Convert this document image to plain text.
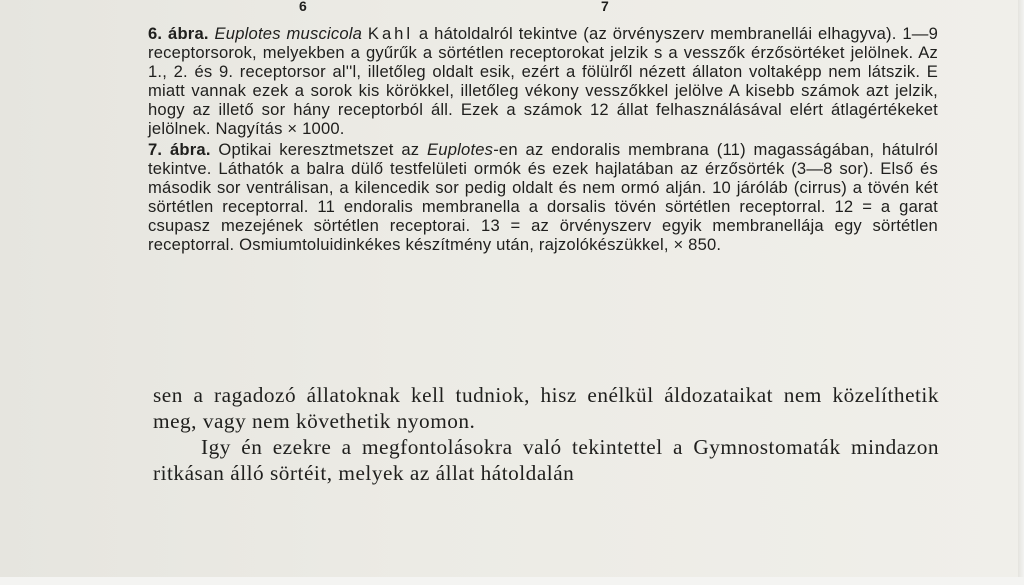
6	7

6. ábra. Euplotes muscicola Kahl a hátoldalról tekintve (az örvényszerv membranellái elhagyva). 1—9 receptorsorok, melyekben a gyűrűk a sörtétlen receptorokat jelzik s a vesszők érzősörtéket jelölnek. Az 1., 2. és 9. receptorsor al''l, illetőleg oldalt esik, ezért a fölülről nézett állaton voltaképp nem látszik. E miatt vannak ezek a sorok kis körökkel, illetőleg vékony vesszőkkel jelölve A kisebb számok azt jelzik, hogy az illető sor hány receptorból áll. Ezek a számok 12 állat felhasználásával elért átlagértékeket jelölnek. Nagyítás × 1000.

7. ábra. Optikai keresztmetszet az Euplotes-en az endoralis membrana (11) magasságában, hátulról tekintve. Láthatók a balra dülő testfelületi ormók és ezek hajlatában az érzősörték (3—8 sor). Első és második sor ventrálisan, a kilencedik sor pedig oldalt és nem ormó alján. 10 járóláb (cirrus) a tövén két sörtétlen receptorral. 11 endoralis membranella a dorsalis tövén sörtétlen receptorral. 12 = a garat csupasz mezejének sörtétlen receptorai. 13 = az örvényszerv egyik membranellája egy sörtétlen receptorral. Osmiumtoluidinkékes készítmény után, rajzolókészükkel, × 850.

sen a ragadozó állatoknak kell tudniok, hisz enélkül áldozataikat nem közelíthetik meg, vagy nem követhetik nyomon.

Igy én ezekre a megfontolásokra való tekintettel a Gymnostomaták mindazon ritkásan álló sörtéit, melyek az állat hátoldalán
